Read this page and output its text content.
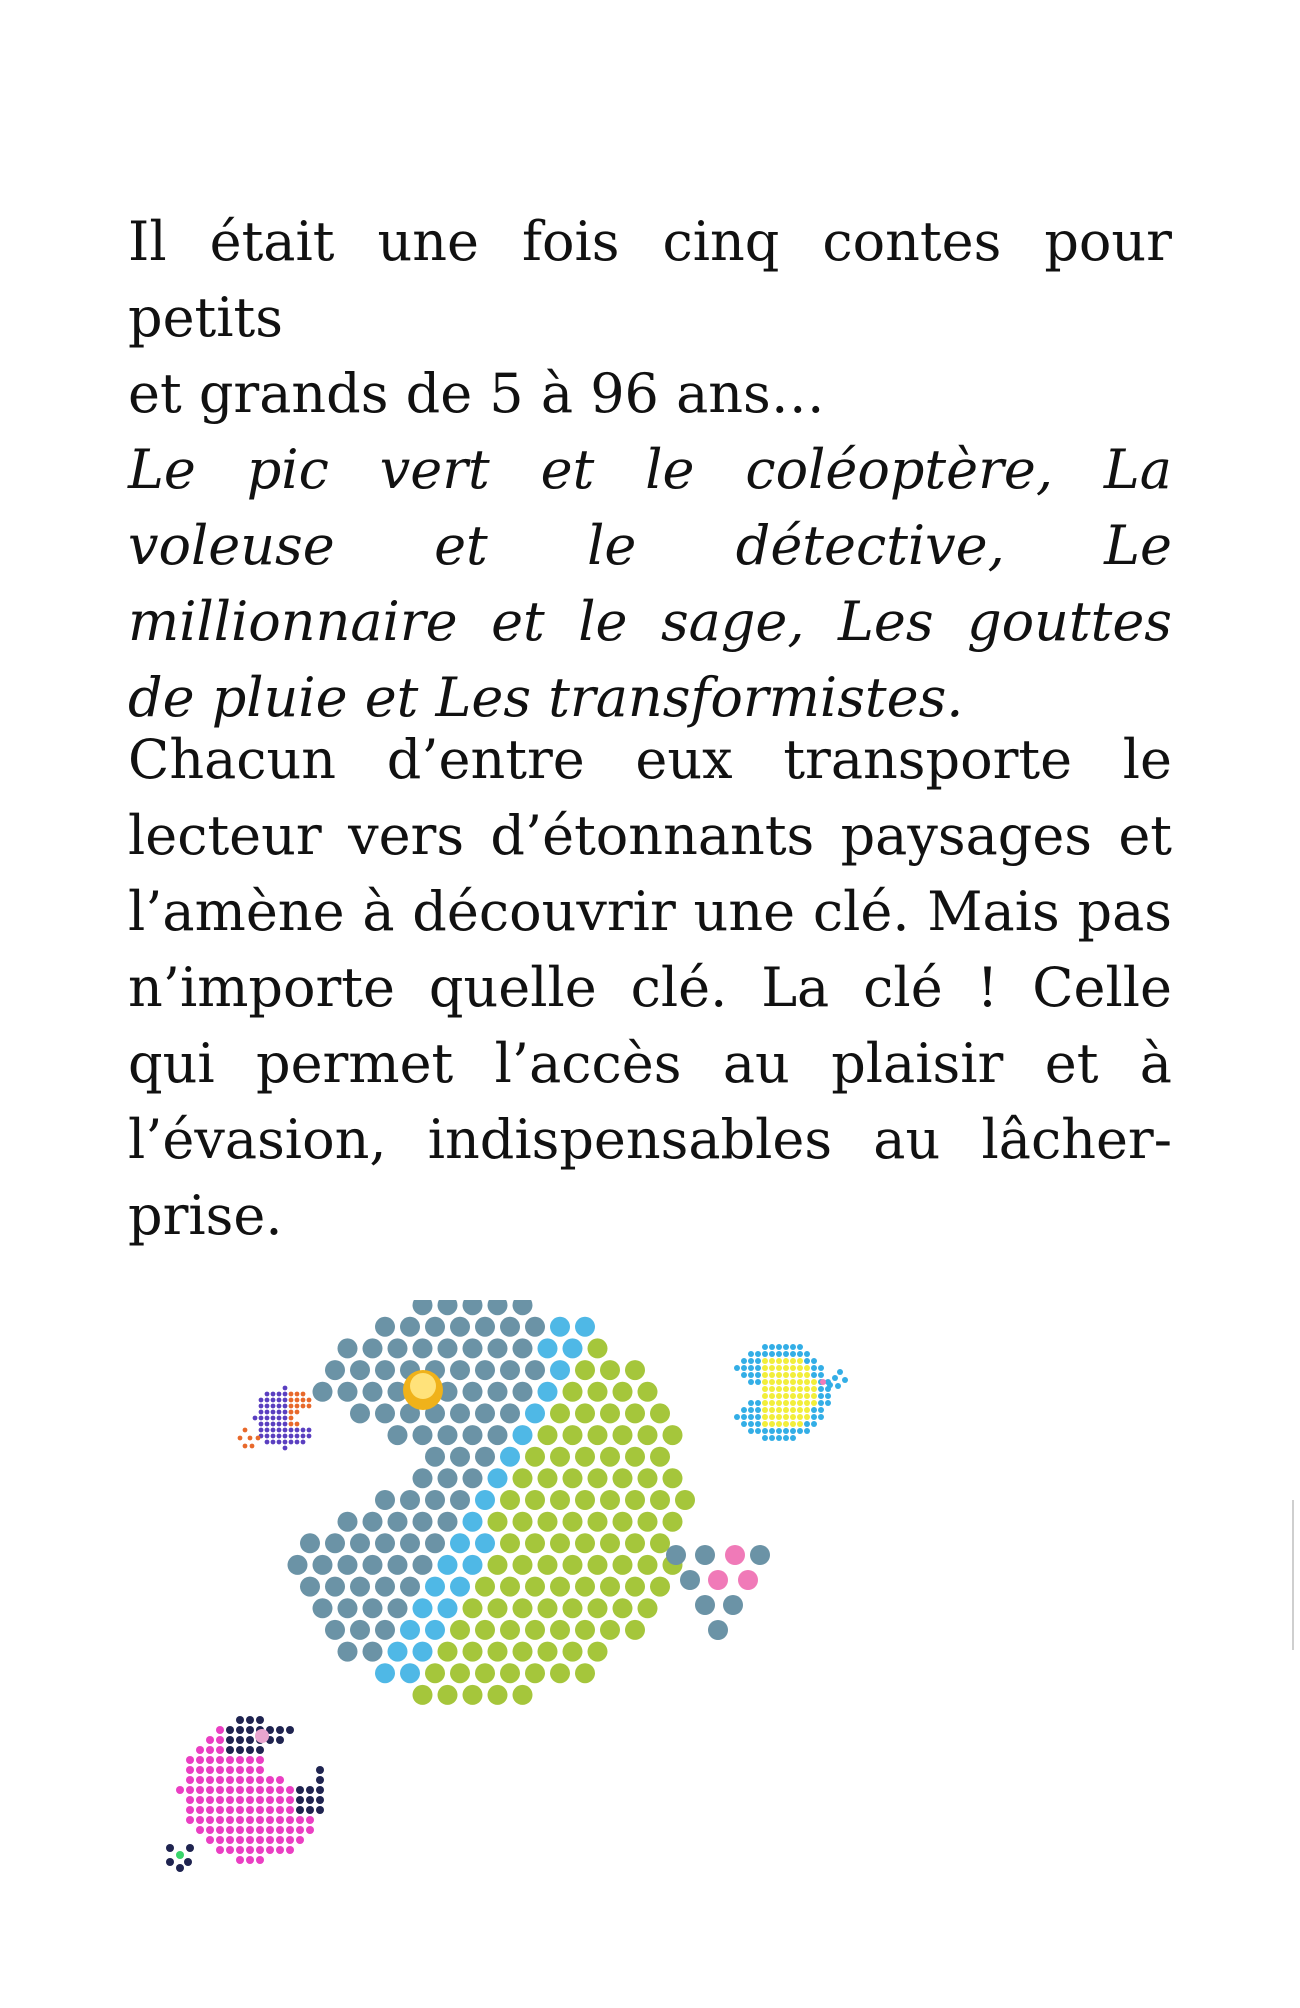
Il était une fois cinq contes pour petits
et grands de 5 à 96 ans…
Le pic vert et le coléoptère, La voleuse et le détective, Le millionnaire et le sage, Les gouttes de pluie et Les transformistes.
Chacun d’entre eux transporte le lecteur vers d’étonnants paysages et l’amène à découvrir une clé. Mais pas n’importe quelle clé. La clé ! Celle qui permet l’accès au plaisir et à l’évasion, indispensables au lâcher-prise.
